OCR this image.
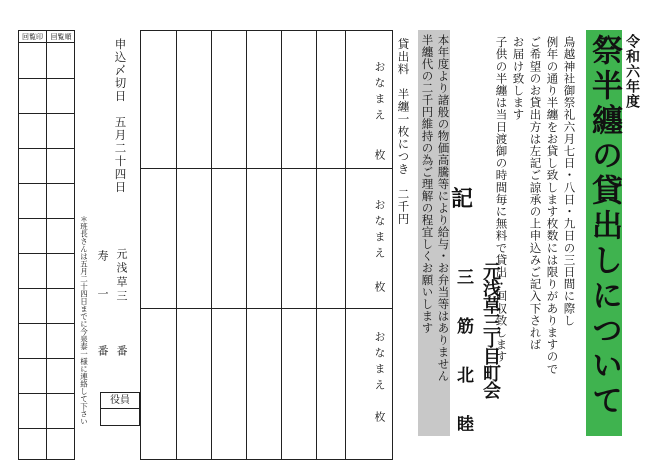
回覧印	回覧順
＊班長さんは五月二十四日までに今泉泰一様に連絡して下さい
申込〆切日　五月二十四日
元浅草三
番
寿　一
番
役員
おなまえ
枚
おなまえ
枚
おなまえ
枚
貸出料　半纏一枚につき　二千円 本年度より諸般の物価高騰等により給与・お弁当等はありません
半纏代の二千円維持の為ご理解の程宜しくお願いします 記
元浅草三丁目町会
三 筋 北 睦
鳥越神社御祭礼六月七日・八日・九日の三日間に際し
例年の通り半纏をお貸し致します枚数には限りがありますので
ご希望のお貸出方は左記ご諒承の上申込みご記入下されば
お届け致します
子供の半纏は当日渡御の時間毎に無料で貸出・回収致します	祭半纏の貸出しについて 令和六年度
